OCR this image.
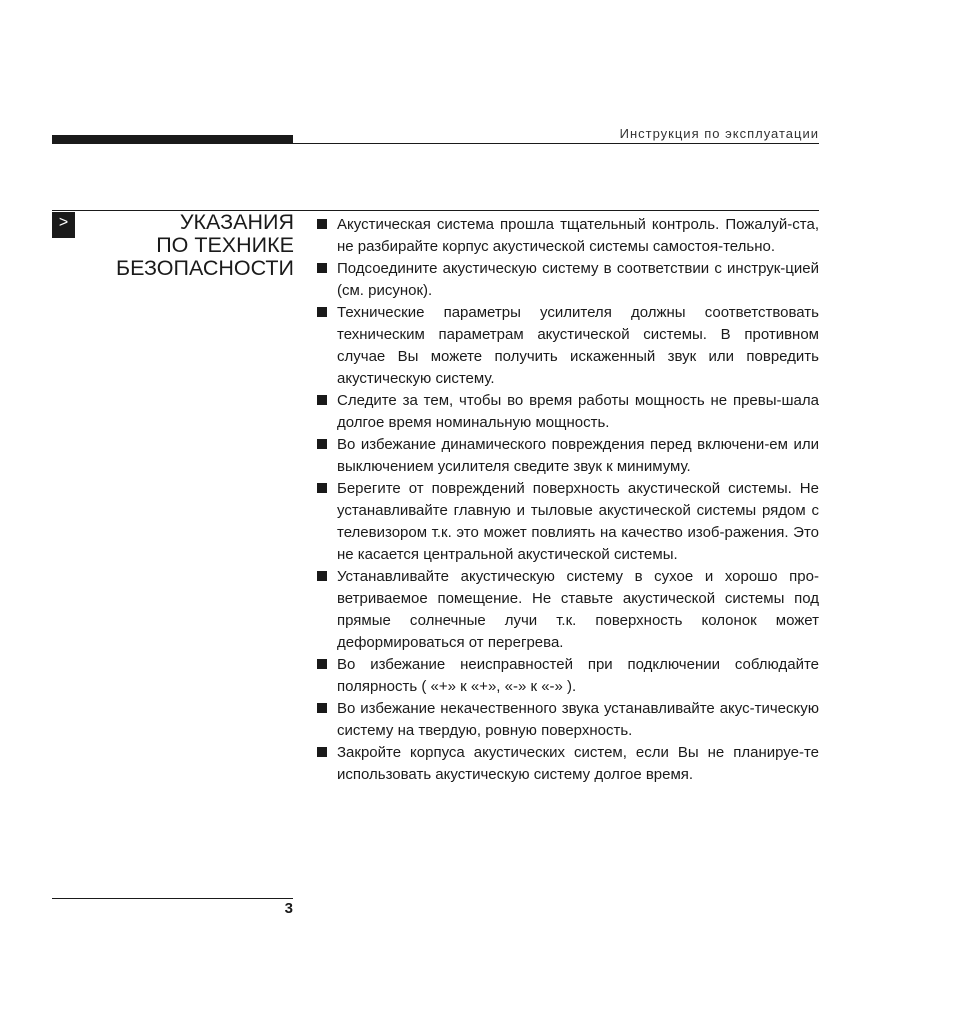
Инструкция по эксплуатации
>	УКАЗАНИЯ
ПО ТЕХНИКЕ
БЕЗОПАСНОСТИ
Акустическая система прошла тщательный контроль. Пожалуй-ста, не разбирайте корпус акустической системы самостоя-тельно.
Подсоедините акустическую систему в соответствии с инструк-цией (см. рисунок).
Технические параметры усилителя должны соответствовать техническим параметрам акустической системы. В противном случае Вы можете получить искаженный звук или повредить акустическую систему.
Следите за тем, чтобы во время работы мощность не превы-шала долгое время номинальную мощность.
Во избежание динамического повреждения перед включени-ем или выключением усилителя сведите звук к минимуму.
Берегите от повреждений поверхность акустической системы. Не устанавливайте главную и тыловые акустической системы рядом с телевизором т.к. это может повлиять на качество изоб-ражения. Это не касается центральной акустической системы.
Устанавливайте акустическую систему в сухое и хорошо про-ветриваемое помещение. Не ставьте акустической системы под прямые солнечные лучи т.к. поверхность колонок может деформироваться от перегрева.
Во избежание неисправностей при подключении соблюдайте полярность ( «+» к «+», «-» к «-» ).
Во избежание некачественного звука устанавливайте акус-тическую систему на твердую, ровную поверхность.
Закройте корпуса акустических систем, если Вы не планируе-те использовать акустическую систему долгое время.
3
